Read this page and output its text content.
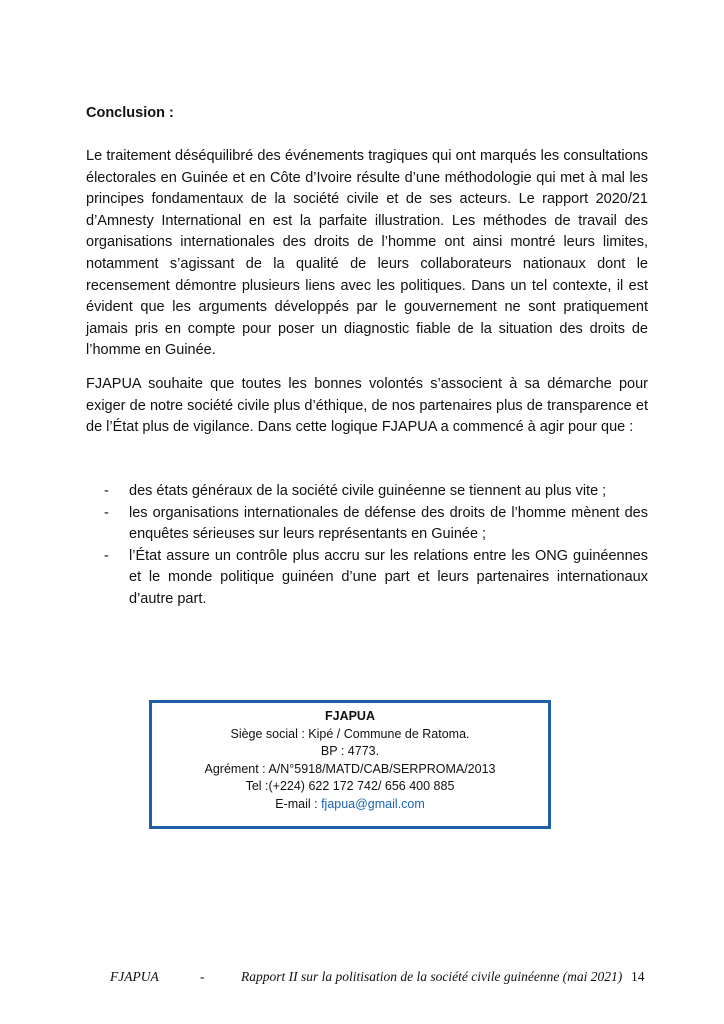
Conclusion :

Le traitement déséquilibré des événements tragiques qui ont marqués les consultations électorales en Guinée et en Côte d’Ivoire résulte d’une méthodologie qui met à mal les principes fondamentaux de la société civile et de ses acteurs. Le rapport 2020/21 d’Amnesty International en est la parfaite illustration. Les méthodes de travail des organisations internationales des droits de l’homme ont ainsi montré leurs limites, notamment s’agissant de la qualité de leurs collaborateurs nationaux dont le recensement démontre plusieurs liens avec les politiques. Dans un tel contexte, il est évident que les arguments développés par le gouvernement ne sont pratiquement jamais pris en compte pour poser un diagnostic fiable de la situation des droits de l’homme en Guinée.

FJAPUA souhaite que toutes les bonnes volontés s’associent à sa démarche pour exiger de notre société civile plus d’éthique, de nos partenaires plus de transparence et de l’État plus de vigilance. Dans cette logique FJAPUA a commencé à agir pour que :

- des états généraux de la société civile guinéenne se tiennent au plus vite ;
- les organisations internationales de défense des droits de l’homme mènent des enquêtes sérieuses sur leurs représentants en Guinée ;
- l’État assure un contrôle plus accru sur les relations entre les ONG guinéennes et le monde politique guinéen d’une part et leurs partenaires internationaux d’autre part.
FJAPUA
Siège social : Kipé / Commune de Ratoma.
BP : 4773.
Agrément : A/N°5918/MATD/CAB/SERPROMA/2013
Tel :(+224) 622 172 742/ 656 400 885
E-mail : fjapua@gmail.com
FJAPUA	-	Rapport II sur la politisation de la société civile guinéenne (mai 2021) 14
